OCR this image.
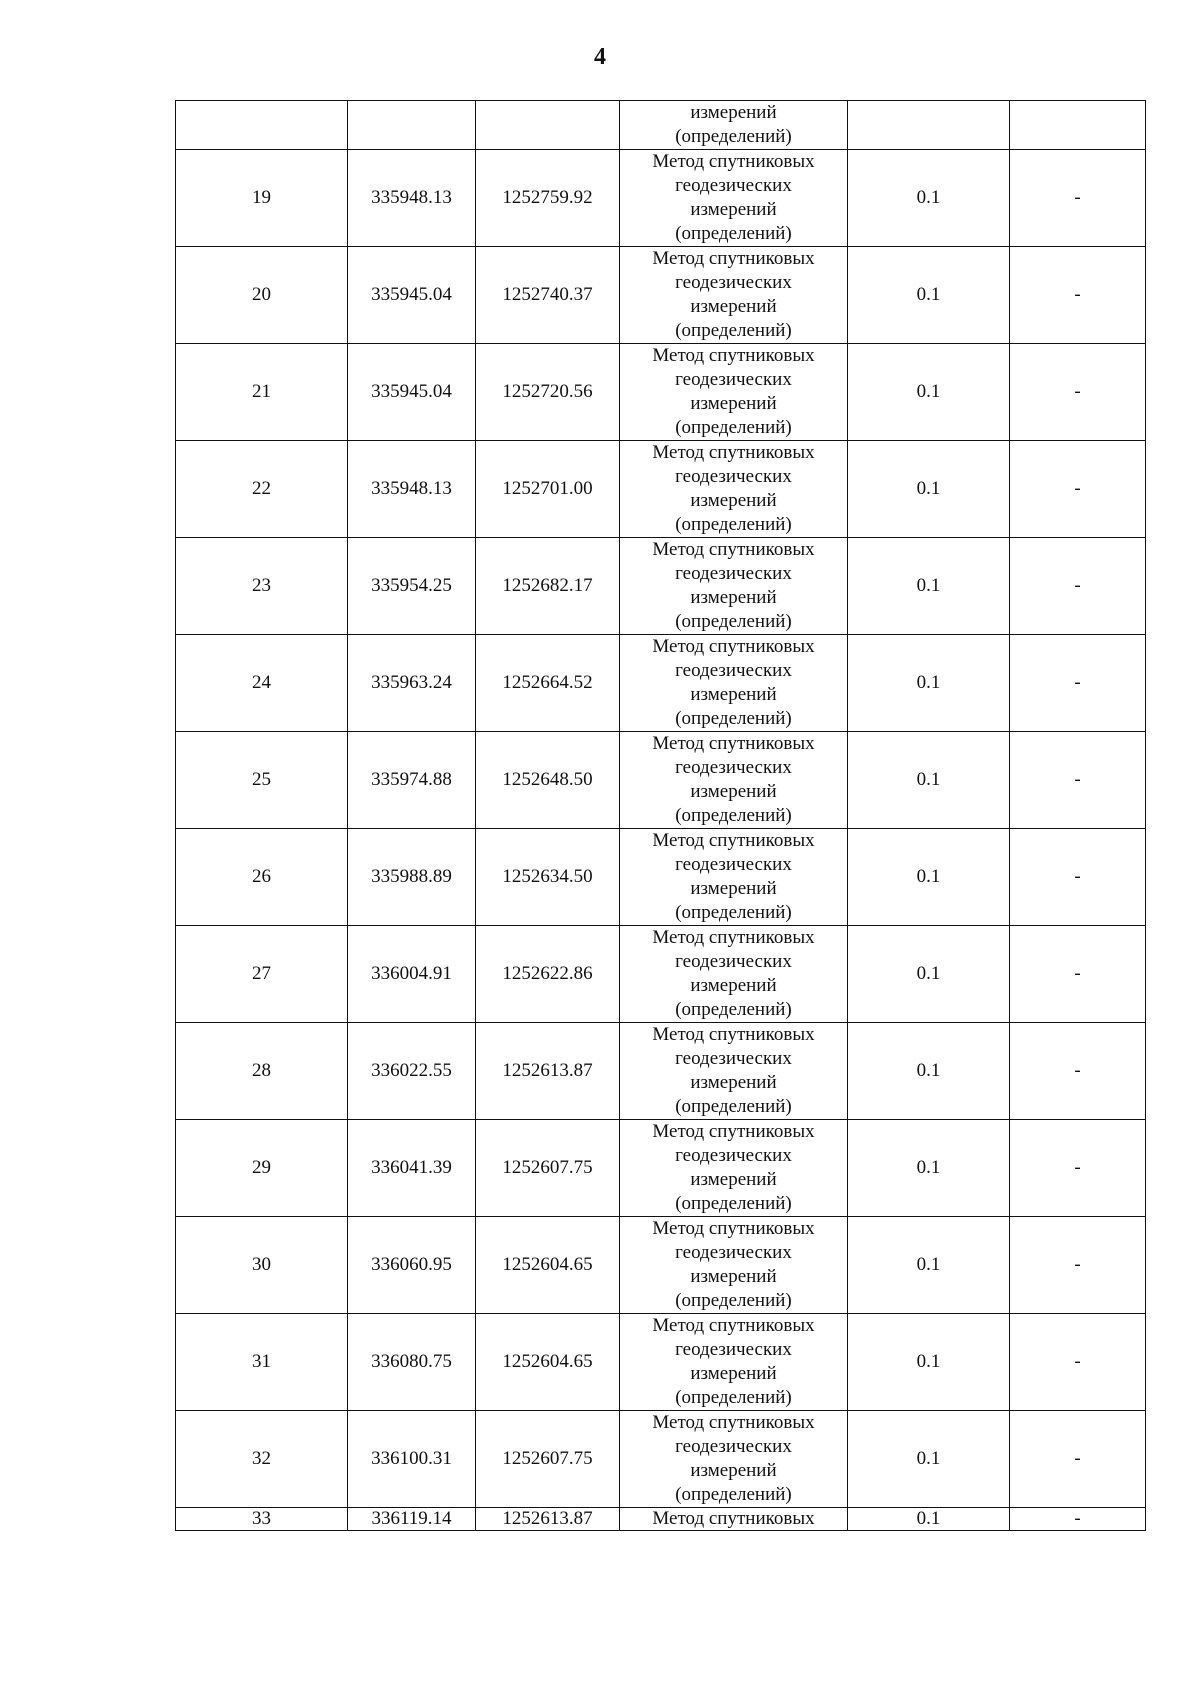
4
			измерений
(определений)		
19	335948.13	1252759.92	Метод спутниковых
геодезических
измерений
(определений)	0.1	-
20	335945.04	1252740.37	Метод спутниковых
геодезических
измерений
(определений)	0.1	-
21	335945.04	1252720.56	Метод спутниковых
геодезических
измерений
(определений)	0.1	-
22	335948.13	1252701.00	Метод спутниковых
геодезических
измерений
(определений)	0.1	-
23	335954.25	1252682.17	Метод спутниковых
геодезических
измерений
(определений)	0.1	-
24	335963.24	1252664.52	Метод спутниковых
геодезических
измерений
(определений)	0.1	-
25	335974.88	1252648.50	Метод спутниковых
геодезических
измерений
(определений)	0.1	-
26	335988.89	1252634.50	Метод спутниковых
геодезических
измерений
(определений)	0.1	-
27	336004.91	1252622.86	Метод спутниковых
геодезических
измерений
(определений)	0.1	-
28	336022.55	1252613.87	Метод спутниковых
геодезических
измерений
(определений)	0.1	-
29	336041.39	1252607.75	Метод спутниковых
геодезических
измерений
(определений)	0.1	-
30	336060.95	1252604.65	Метод спутниковых
геодезических
измерений
(определений)	0.1	-
31	336080.75	1252604.65	Метод спутниковых
геодезических
измерений
(определений)	0.1	-
32	336100.31	1252607.75	Метод спутниковых
геодезических
измерений
(определений)	0.1	-
33	336119.14	1252613.87	Метод спутниковых	0.1	-
